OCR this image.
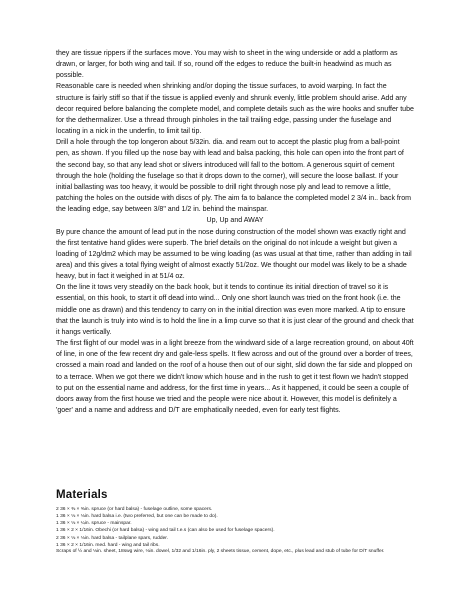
they are tissue rippers if the surfaces move. You may wish to sheet in the wing underside or add a platform as drawn, or larger, for both wing and tail. If so, round off the edges to reduce the built-in headwind as much as possible.

Reasonable care is needed when shrinking and/or doping the tissue surfaces, to avoid warping. In fact the structure is fairly stiff so that if the tissue is applied evenly and shrunk evenly, little problem should arise. Add any decor required before balancing the complete model, and complete details such as the wire hooks and snuffer tube for the dethermalizer. Use a thread through pinholes in the tail trailing edge, passing under the fuselage and locating in a nick in the underfin, to limit tail tip.

Drill a hole through the top longeron about 5/32in. dia. and ream out to accept the plastic plug from a ball-point pen, as shown. If you filled up the nose bay with lead and balsa packing, this hole can open into the front part of the second bay, so that any lead shot or slivers introduced will fall to the bottom. A generous squirt of cement through the hole (holding the fuselage so that it drops down to the corner), will secure the loose ballast. If your initial ballasting was too heavy, it would be possible to drill right through nose ply and lead to remove a little, patching the holes on the outside with discs of ply. The aim fa to balance the completed model 2 3/4 in.. back from the leading edge, say between 3/8" and 1/2 in. behind the mainspar.

Up, Up and AWAY

By pure chance the amount of lead put in the nose during construction of the model shown was exactly right and the first tentative hand glides were superb. The brief details on the original do not inlcude a weight but given a loading of 12g/dm2 which may be assumed to be wing loading (as was usual at that time, rather than adding in tail area) and this gives a total flying weight of almost exactly 51/2oz. We thought our model was likely to be a shade heavy, but in fact it weighed in at 51/4 oz.

On the line it tows very steadily on the back hook, but it tends to continue its initial direction of travel so it is essential, on this hook, to start it off dead into wind... Only one short launch was tried on the front hook (i.e. the middle one as drawn) and this tendency to carry on in the initial direction was even more marked. A tip to ensure that the launch is truly into wind is to hold the line in a limp curve so that it is just clear of the ground and check that it hangs vertically.

The first flight of our model was in a light breeze from the windward side of a large recreation ground, on about 40ft of line, in one of the few recent dry and gale-less spells. It flew across and out of the ground over a border of trees, crossed a main road and landed on the roof of a house then out of our sight, slid down the far side and plopped on to a terrace. When we got there we didn't know which house and in the rush to get it test flown we hadn't stopped to put on the essential name and address, for the first time in years... As it happened, it could be seen a couple of doors away from the first house we tried and the people were nice about it. However, this model is definitely a 'goer' and a name and address and D/T are emphatically needed, even for early test flights.

Materials
2 36 × ⅜ × ⅜in. spruce (or hard balsa) - fuselage outline, some spacers.
1 36 × ⅛ × ⅛in. hard balsa i.e. (two preferred, but one can be made to do).
1 36 × ⅛ × ¼in. spruce - mainspar.
1 36 × 2 × 1/16in. Obechi (or hard balsa) - wing and tail t.e.s (can also be used for fuselage spacers).
2 36 × ⅛ × ⅛in. hard balsa - tailplane spars, rudder.
1 36 × 2 × 1/16in. med. hard - wing and tail ribs.
Scraps of ½ and ⅛in. sheet, 18swg wire, ⅛in. dowel, 1/32 and 1/16in. ply, 2 sheets tissue, cement, dope, etc., plus lead and stub of tube for D/T snuffer.
